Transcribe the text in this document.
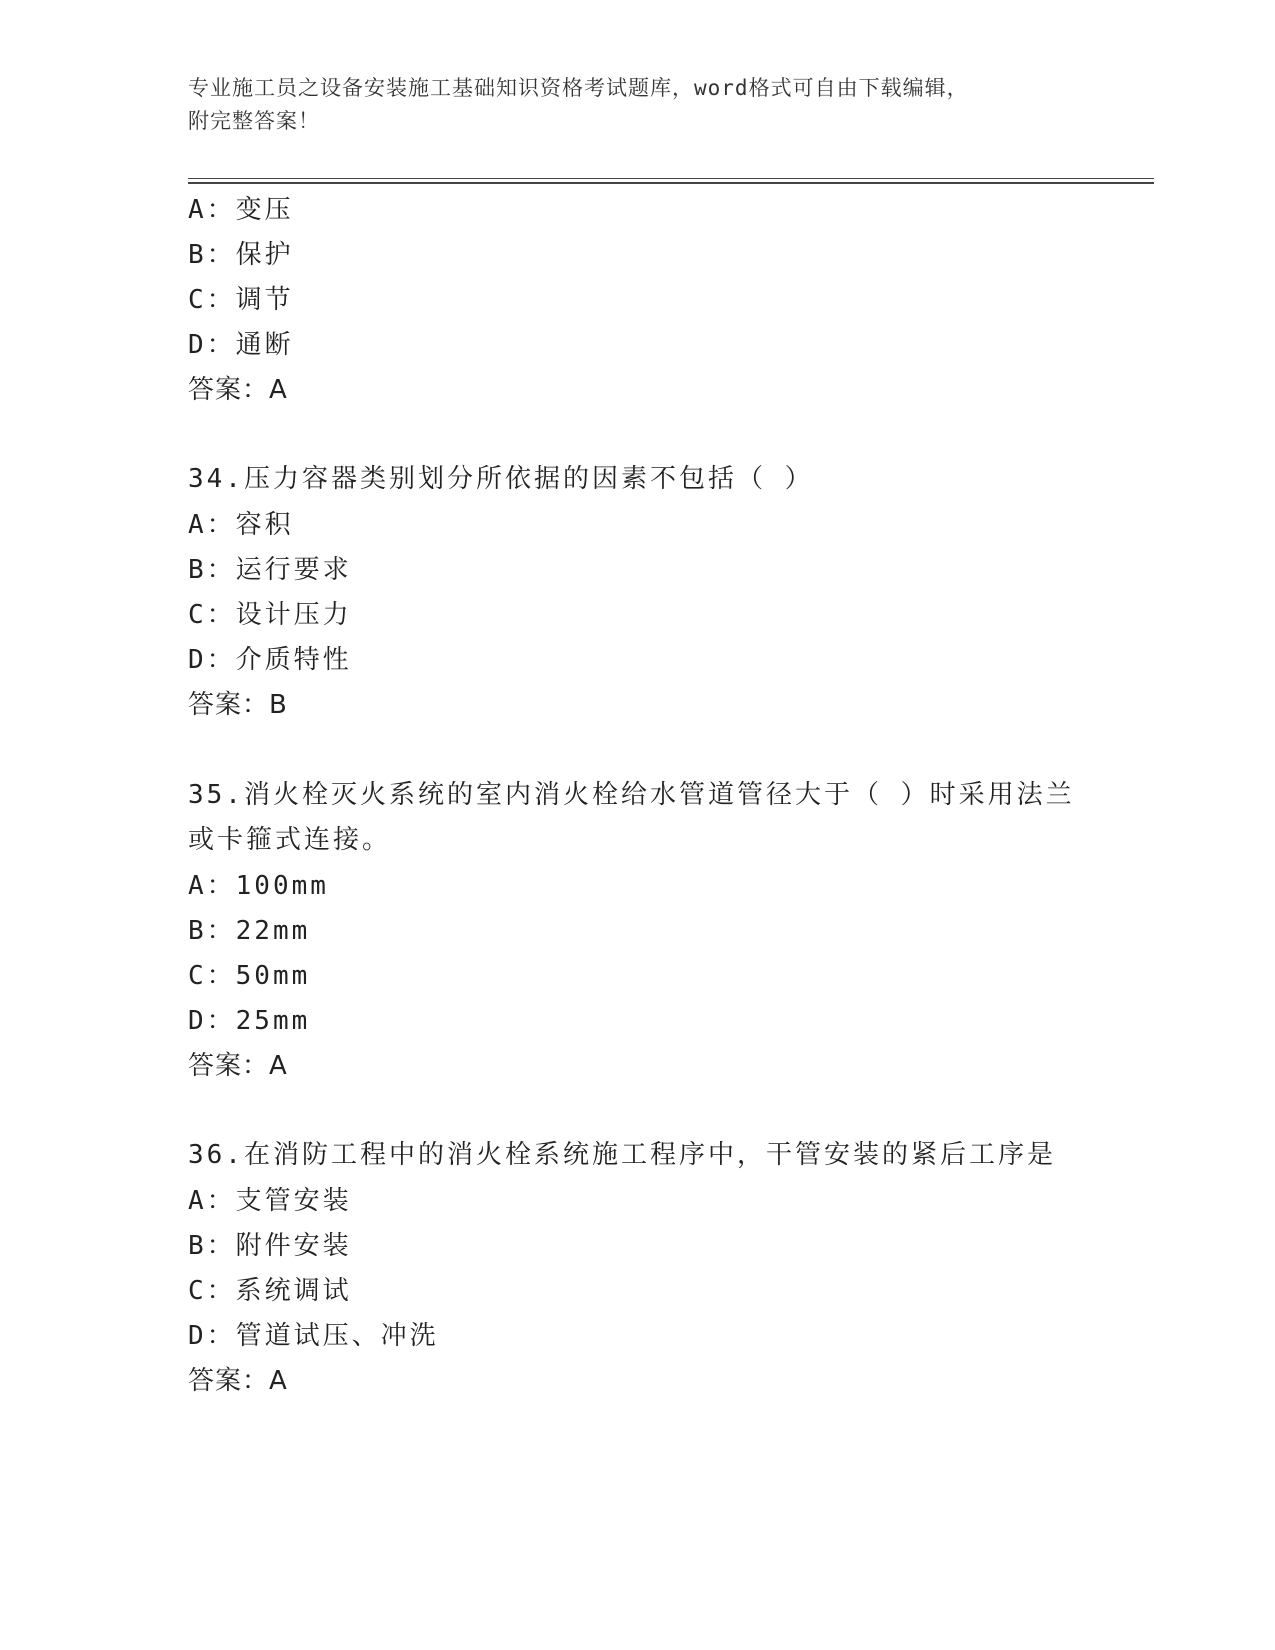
专业施工员之设备安装施工基础知识资格考试题库，word格式可自由下载编辑，
附完整答案！
A：变压
B：保护
C：调节
D：通断
答案：A
34.压力容器类别划分所依据的因素不包括（ ）
A：容积
B：运行要求
C：设计压力
D：介质特性
答案：B
35.消火栓灭火系统的室内消火栓给水管道管径大于（ ）时采用法兰
或卡箍式连接。
A：100mm
B：22mm
C：50mm
D：25mm
答案：A
36.在消防工程中的消火栓系统施工程序中，干管安装的紧后工序是
A：支管安装
B：附件安装
C：系统调试
D：管道试压、冲洗
答案：A
